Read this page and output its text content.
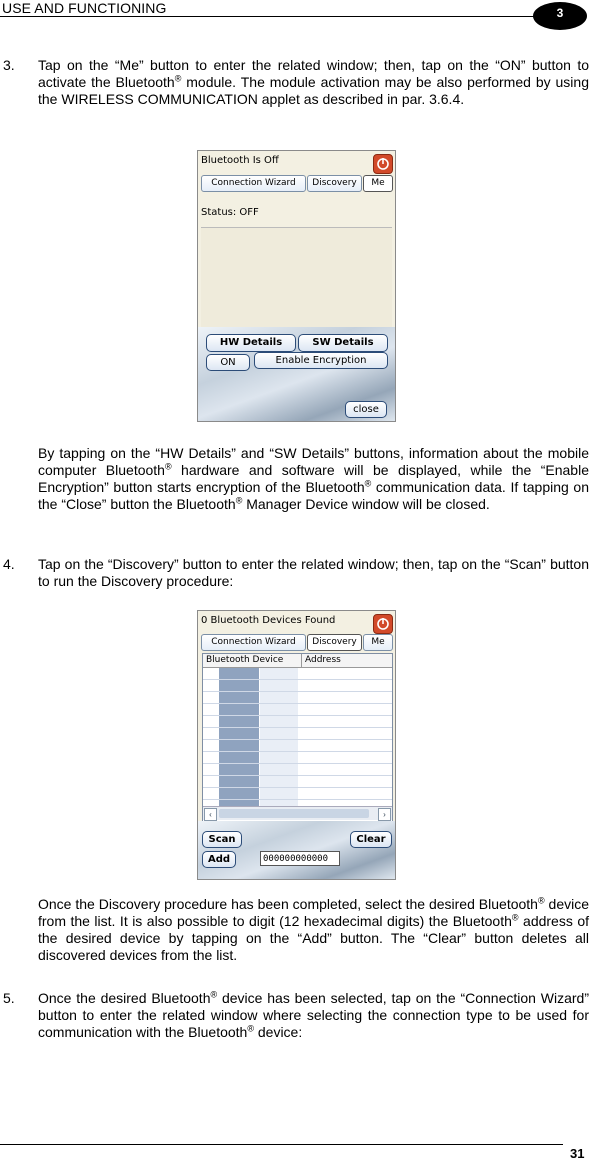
USE AND FUNCTIONING	3
3. Tap on the “Me” button to enter the related window; then, tap on the “ON” button to activate the Bluetooth® module. The module activation may be also performed by using the WIRELESS COMMUNICATION applet as described in par. 3.6.4.
Bluetooth Is Off
Connection Wizard	Discovery	Me
Status: OFF
HW Details	SW Details
ON	Enable Encryption
close
By tapping on the “HW Details” and “SW Details” buttons, information about the mobile computer Bluetooth® hardware and software will be displayed, while the “Enable Encryption” button starts encryption of the Bluetooth® communication data. If tapping on the “Close” button the Bluetooth® Manager Device window will be closed.
4. Tap on the “Discovery” button to enter the related window; then, tap on the “Scan” button to run the Discovery procedure:
0 Bluetooth Devices Found
Connection Wizard	Discovery	Me
Bluetooth Device Address
‹	›
Scan	Clear
Add	000000000000
Once the Discovery procedure has been completed, select the desired Bluetooth® device from the list. It is also possible to digit (12 hexadecimal digits) the Bluetooth® address of the desired device by tapping on the “Add” button. The “Clear” button deletes all discovered devices from the list.
5. Once the desired Bluetooth® device has been selected, tap on the “Connection Wizard” button to enter the related window where selecting the connection type to be used for communication with the Bluetooth® device:
31
